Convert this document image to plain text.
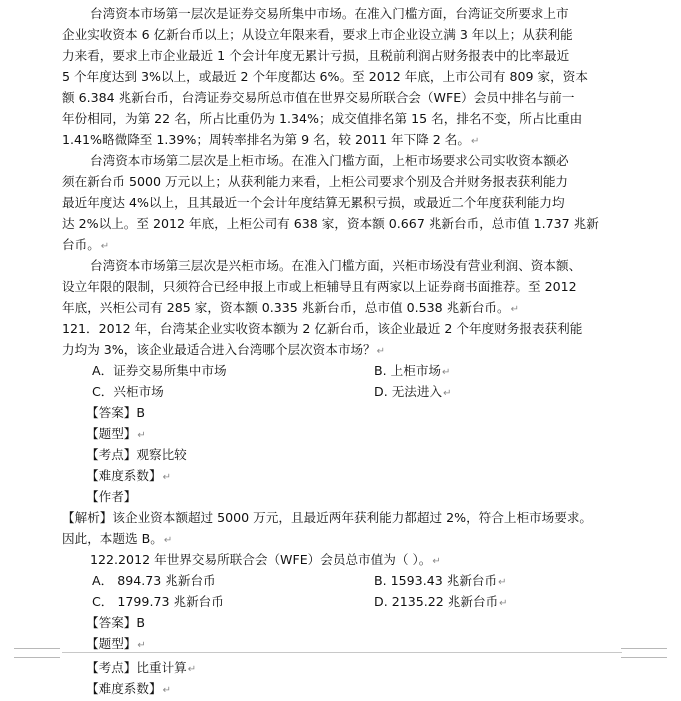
台湾资本市场第一层次是证券交易所集中市场。在准入门槛方面，台湾证交所要求上市
企业实收资本 6 亿新台币以上；从设立年限来看，要求上市企业设立满 3 年以上；从获利能
力来看，要求上市企业最近 1 个会计年度无累计亏损，且税前利润占财务报表中的比率最近
5 个年度达到 3%以上，或最近 2 个年度都达 6%。至 2012 年底，上市公司有 809 家，资本
额 6.384 兆新台币，台湾证券交易所总市值在世界交易所联合会（WFE）会员中排名与前一
年份相同，为第 22 名，所占比重仍为 1.34%；成交值排名第 15 名，排名不变，所占比重由
1.41%略微降至 1.39%；周转率排名为第 9 名，较 2011 年下降 2 名。↵
台湾资本市场第二层次是上柜市场。在准入门槛方面，上柜市场要求公司实收资本额必
须在新台币 5000 万元以上；从获利能力来看，上柜公司要求个别及合并财务报表获利能力
最近年度达 4%以上，且其最近一个会计年度结算无累积亏损，或最近二个年度获利能力均
达 2%以上。至 2012 年底，上柜公司有 638 家，资本额 0.667 兆新台币，总市值 1.737 兆新
台币。↵
台湾资本市场第三层次是兴柜市场。在准入门槛方面，兴柜市场没有营业利润、资本额、
设立年限的限制，只须符合已经申报上市或上柜辅导且有两家以上证券商书面推荐。至 2012
年底，兴柜公司有 285 家，资本额 0.335 兆新台币，总市值 0.538 兆新台币。↵
121．2012 年，台湾某企业实收资本额为 2 亿新台币，该企业最近 2 个年度财务报表获利能
力均为 3%，该企业最适合进入台湾哪个层次资本市场？↵
A．证券交易所集中市场	B. 上柜市场↵
C．兴柜市场	D. 无法进入↵
【答案】B
【题型】↵
【考点】观察比较
【难度系数】↵
【作者】
【解析】该企业资本额超过 5000 万元，且最近两年获利能力都超过 2%，符合上柜市场要求。
因此，本题选 B。↵
122.2012 年世界交易所联合会（WFE）会员总市值为（ ）。↵
A． 894.73 兆新台币	B. 1593.43 兆新台币↵
C． 1799.73 兆新台币	D. 2135.22 兆新台币↵
【答案】B
【题型】↵
【考点】比重计算↵
【难度系数】↵
